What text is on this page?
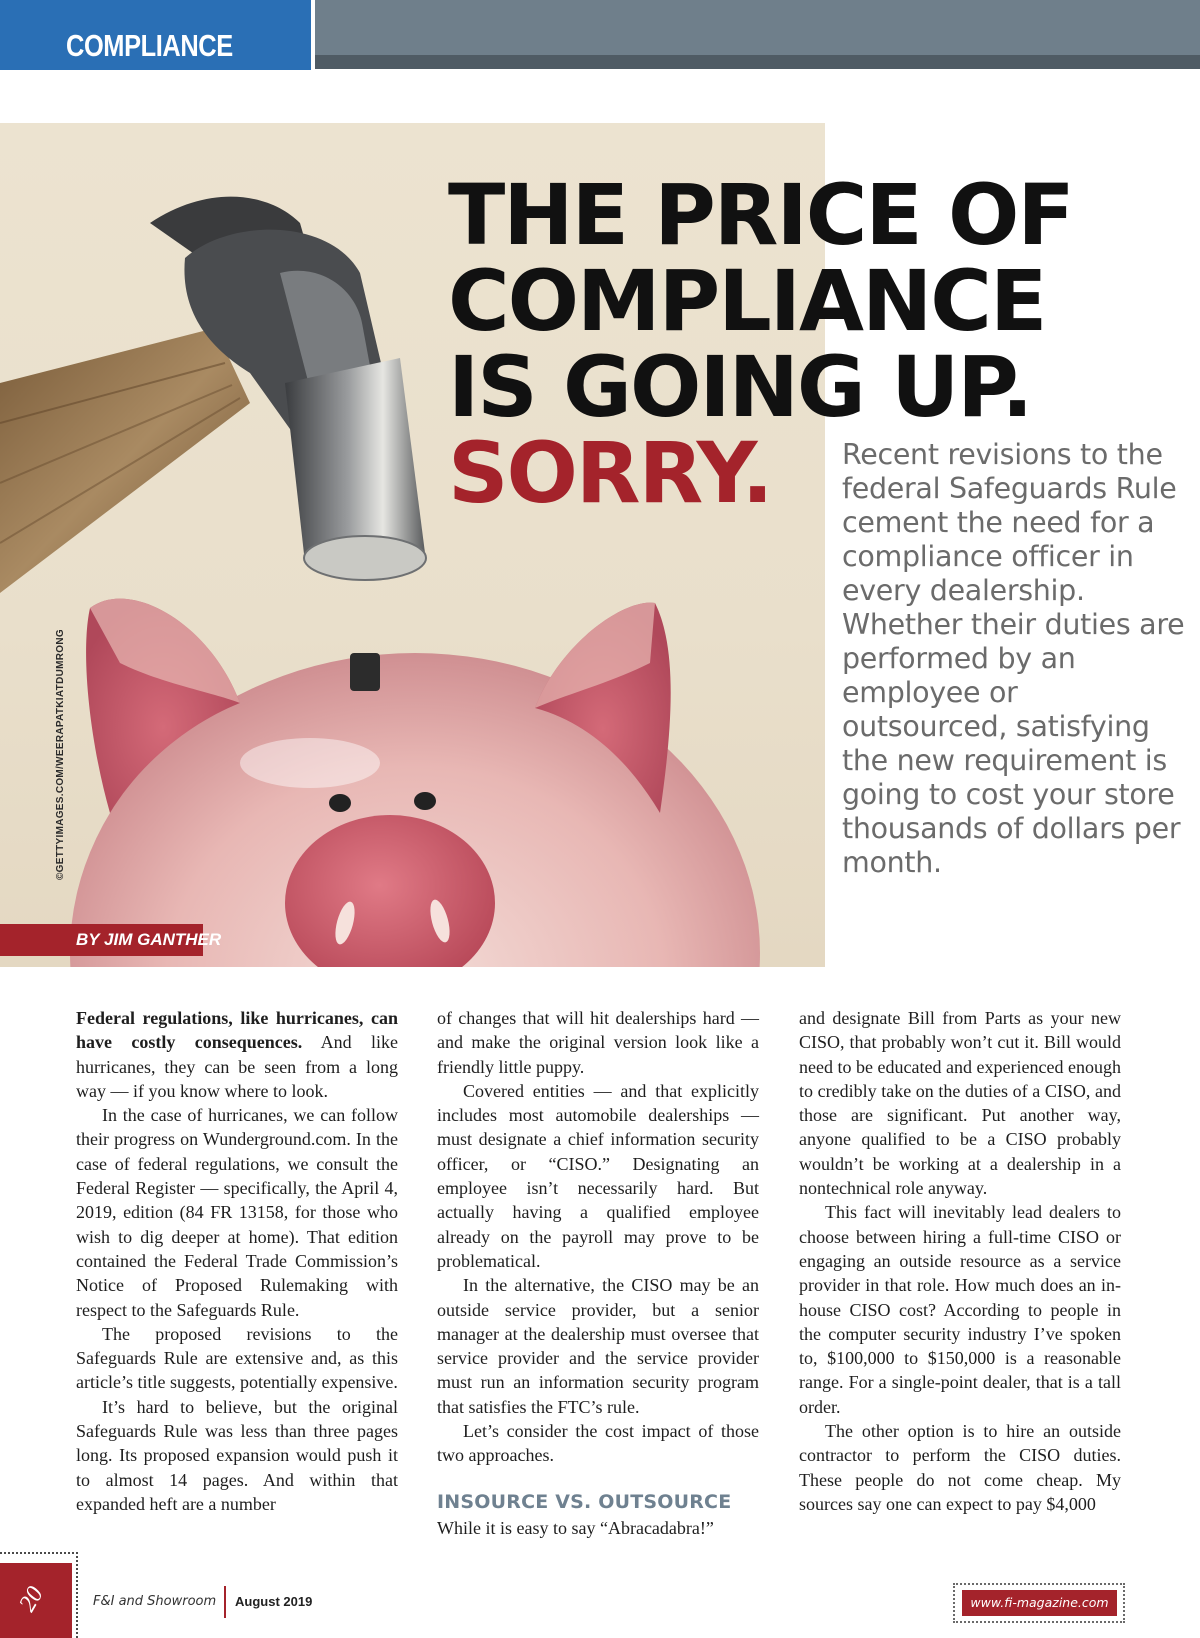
COMPLIANCE
©GETTYIMAGES.COM/WEERAPATKIATDUMRONG
BY JIM GANTHER
THE PRICE OF
COMPLIANCE
IS GOING UP.
SORRY.	Recent revisions to the federal Safeguards Rule cement the need for a compliance officer in every dealership. Whether their duties are performed by an employee or outsourced, satisfying the new requirement is going to cost your store thousands of dollars per month.

Federal regulations, like hurricanes, can have costly consequences. And like hurricanes, they can be seen from a long way — if you know where to look.

In the case of hurricanes, we can follow their progress on Wunderground.com. In the case of federal regulations, we consult the Federal Register — specifically, the April 4, 2019, edition (84 FR 13158, for those who wish to dig deeper at home). That edition contained the Federal Trade Commission’s Notice of Proposed Rulemaking with respect to the Safeguards Rule.

The proposed revisions to the Safeguards Rule are extensive and, as this article’s title suggests, potentially expensive.

It’s hard to believe, but the original Safeguards Rule was less than three pages long. Its proposed expansion would push it to almost 14 pages. And within that expanded heft are a number

of changes that will hit dealerships hard — and make the original version look like a friendly little puppy.

Covered entities — and that explicitly includes most automobile dealerships — must designate a chief information security officer, or “CISO.” Designating an employee isn’t necessarily hard. But actually having a qualified employee already on the payroll may prove to be problematical.

In the alternative, the CISO may be an outside service provider, but a senior manager at the dealership must oversee that service provider and the service provider must run an information security program that satisfies the FTC’s rule.

Let’s consider the cost impact of those two approaches.

INSOURCE VS. OUTSOURCE

While it is easy to say “Abracadabra!”

and designate Bill from Parts as your new CISO, that probably won’t cut it. Bill would need to be educated and experienced enough to credibly take on the duties of a CISO, and those are significant. Put another way, anyone qualified to be a CISO probably wouldn’t be working at a dealership in a nontechnical role anyway.

This fact will inevitably lead dealers to choose between hiring a full-time CISO or engaging an outside resource as a service provider in that role. How much does an in-house CISO cost? According to people in the computer security industry I’ve spoken to, $100,000 to $150,000 is a reasonable range. For a single-point dealer, that is a tall order.

The other option is to hire an outside contractor to perform the CISO duties. These people do not come cheap. My sources say one can expect to pay $4,000

20	F&I and Showroom August 2019	www.fi-magazine.com
